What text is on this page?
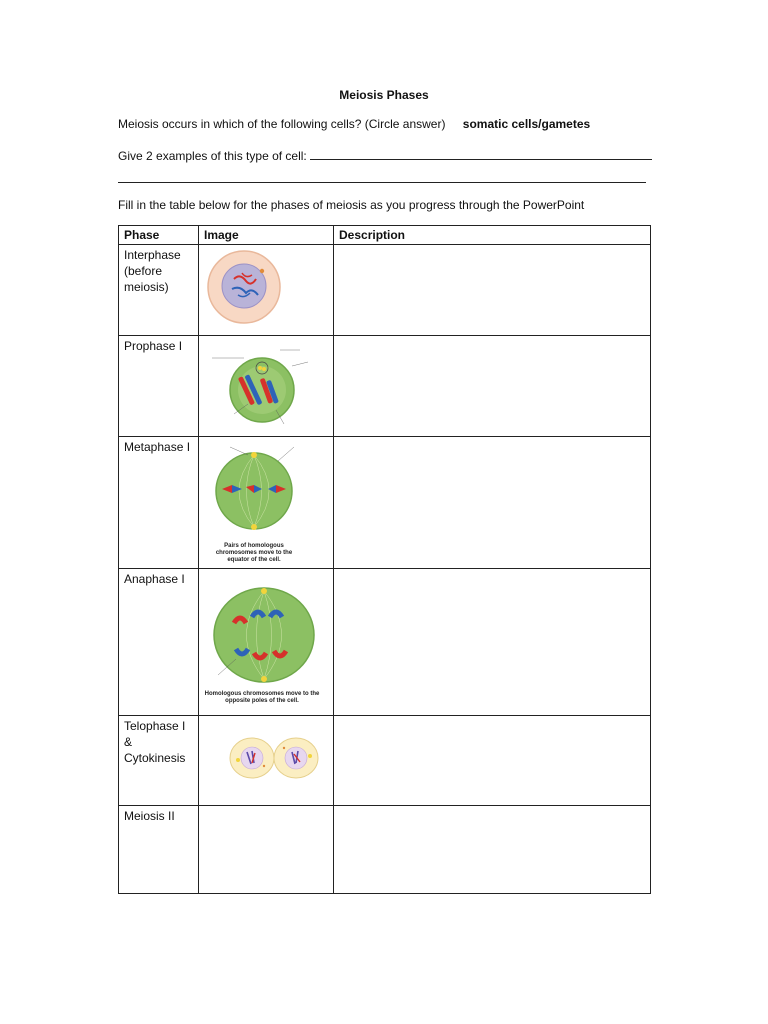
Meiosis Phases
Meiosis occurs in which of the following cells? (Circle answer) somatic cells/gametes
Give 2 examples of this type of cell:
Fill in the table below for the phases of meiosis as you progress through the PowerPoint
Phase	Image	Description
Interphase (before meiosis)	

Prophase I	

Metaphase I	Pairs of homologous chromosomes move to the equator of the cell.	

Anaphase I	Homologous chromosomes move to the opposite poles of the cell.	

Telophase I & Cytokinesis	

Meiosis II		
